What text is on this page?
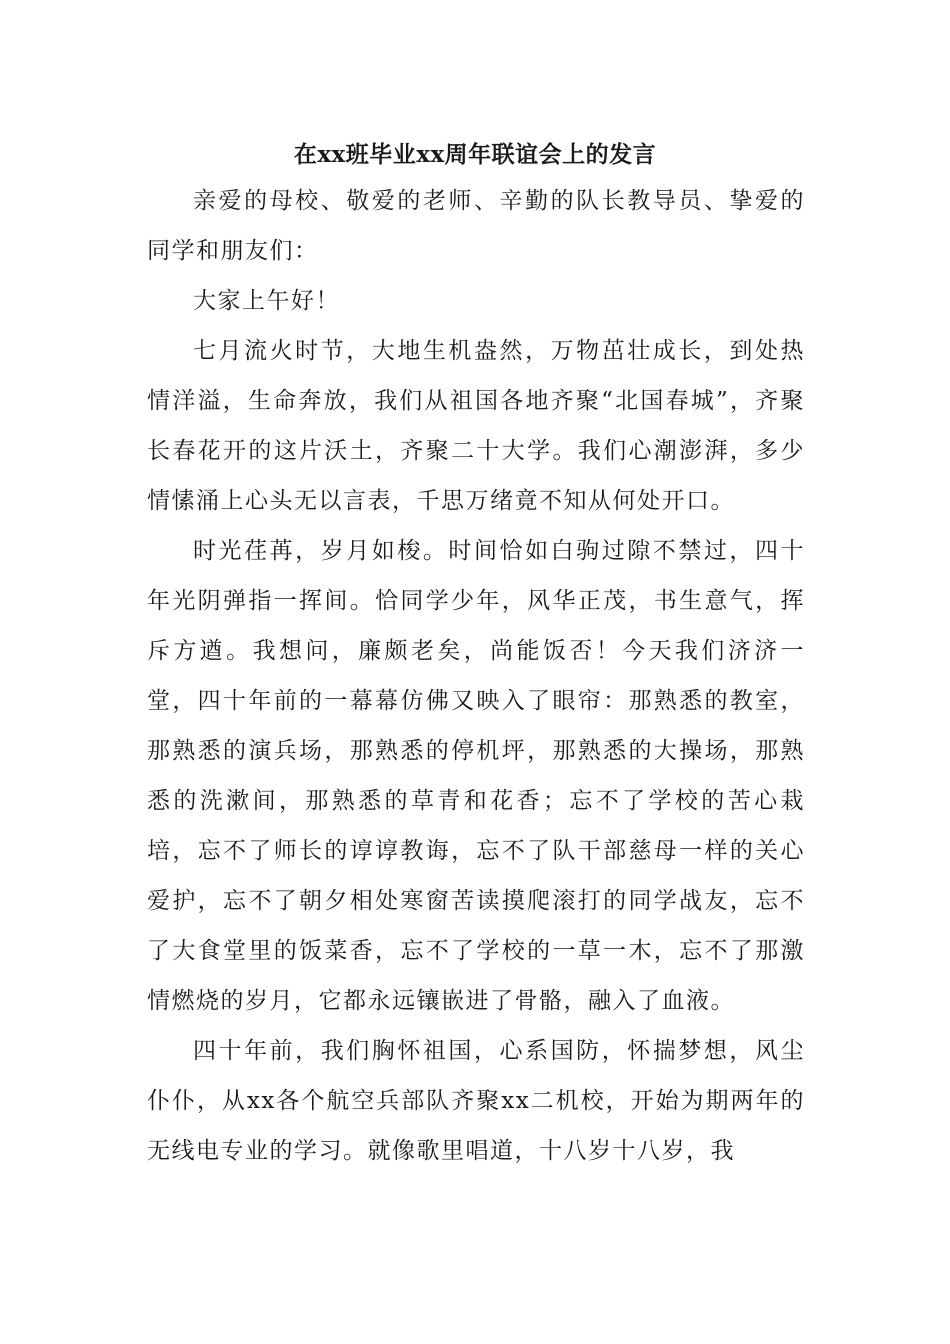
在xx班毕业xx周年联谊会上的发言

亲爱的母校、敬爱的老师、辛勤的队长教导员、挚爱的同学和朋友们：

大家上午好！

七月流火时节，大地生机盎然，万物茁壮成长，到处热情洋溢，生命奔放，我们从祖国各地齐聚“北国春城”，齐聚长春花开的这片沃土，齐聚二十大学。我们心潮澎湃，多少情愫涌上心头无以言表，千思万绪竟不知从何处开口。

时光荏苒，岁月如梭。时间恰如白驹过隙不禁过，四十年光阴弹指一挥间。恰同学少年，风华正茂，书生意气，挥斥方遒。我想问，廉颇老矣，尚能饭否！今天我们济济一堂，四十年前的一幕幕仿佛又映入了眼帘：那熟悉的教室，那熟悉的演兵场，那熟悉的停机坪，那熟悉的大操场，那熟悉的洗漱间，那熟悉的草青和花香；忘不了学校的苦心栽培，忘不了师长的谆谆教诲，忘不了队干部慈母一样的关心爱护，忘不了朝夕相处寒窗苦读摸爬滚打的同学战友，忘不了大食堂里的饭菜香，忘不了学校的一草一木，忘不了那激情燃烧的岁月，它都永远镶嵌进了骨骼，融入了血液。

四十年前，我们胸怀祖国，心系国防，怀揣梦想，风尘仆仆，从xx各个航空兵部队齐聚xx二机校，开始为期两年的无线电专业的学习。就像歌里唱道，十八岁十八岁，我
